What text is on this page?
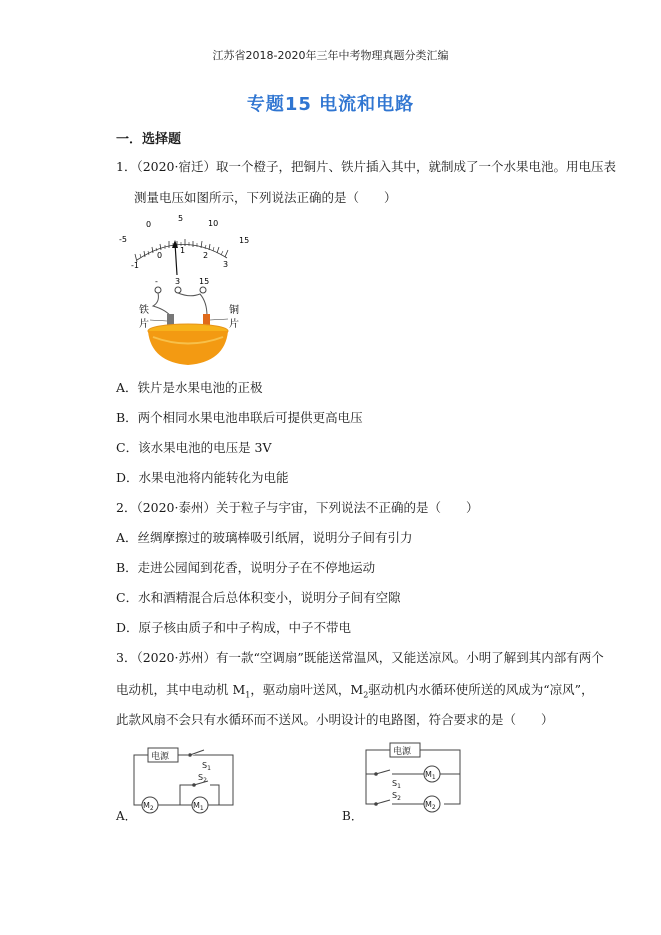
江苏省2018-2020年三年中考物理真题分类汇编
专题15 电流和电路
一．选择题
1．（2020·宿迁）取一个橙子，把铜片、铁片插入其中，就制成了一个水果电池。用电压表
测量电压如图所示，下列说法正确的是（　　）
-5
0
5
10
15
-1
0
1
2
3
- 3 15
铁
片
铜
片
A．铁片是水果电池的正极
B．两个相同水果电池串联后可提供更高电压
C．该水果电池的电压是 3V
D．水果电池将内能转化为电能
2．（2020·泰州）关于粒子与宇宙，下列说法不正确的是（　　）
A．丝绸摩擦过的玻璃棒吸引纸屑，说明分子间有引力
B．走进公园闻到花香，说明分子在不停地运动
C．水和酒精混合后总体积变小，说明分子间有空隙
D．原子核由质子和中子构成，中子不带电
3．（2020·苏州）有一款“空调扇”既能送常温风，又能送凉风。小明了解到其内部有两个
电动机，其中电动机 $M_1$，驱动扇叶送风，$M_2$驱动机内水循环使所送的风成为“凉风”，
此款风扇不会只有水循环而不送风。小明设计的电路图，符合要求的是（　　）
A．
电源
$M_2$	$M_1$
$S_2$
$S_1$
B．
电源
$M_1$
$S_1$
$S_2$
$M_2$
